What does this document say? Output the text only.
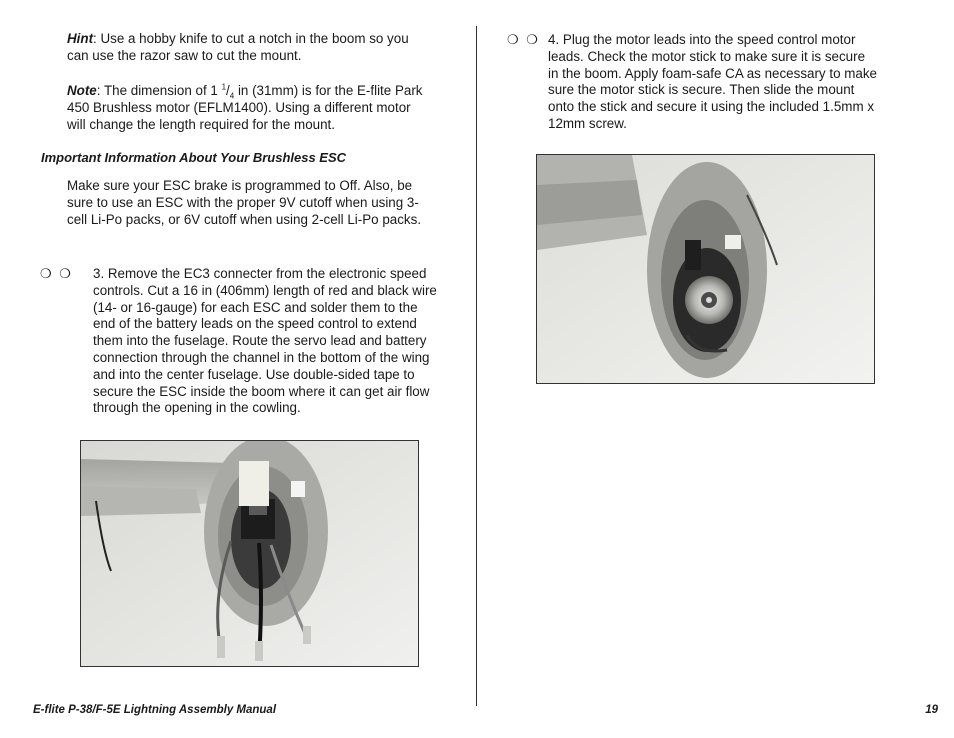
Hint: Use a hobby knife to cut a notch in the boom so you can use the razor saw to cut the mount.

Note: The dimension of 1 $^1/_4$ in (31mm) is for the E-flite Park 450 Brushless motor (EFLM1400). Using a different motor will change the length required for the mount.

Important Information About Your Brushless ESC

Make sure your ESC brake is programmed to Off. Also, be sure to use an ESC with the proper 9V cutoff when using 3-cell Li-Po packs, or 6V cutoff when using 2-cell Li-Po packs.

❍ ❍ 3. Remove the EC3 connecter from the electronic speed controls. Cut a 16 in (406mm) length of red and black wire (14- or 16-gauge) for each ESC and solder them to the end of the battery leads on the speed control to extend them into the fuselage. Route the servo lead and battery connection through the channel in the bottom of the wing and into the center fuselage. Use double-sided tape to secure the ESC inside the boom where it can get air flow through the opening in the cowling.

❍ ❍ 4. Plug the motor leads into the speed control motor leads. Check the motor stick to make sure it is secure in the boom. Apply foam-safe CA as necessary to make sure the motor stick is secure. Then slide the mount onto the stick and secure it using the included 1.5mm x 12mm screw.

E-flite P-38/F-5E Lightning Assembly Manual	19
